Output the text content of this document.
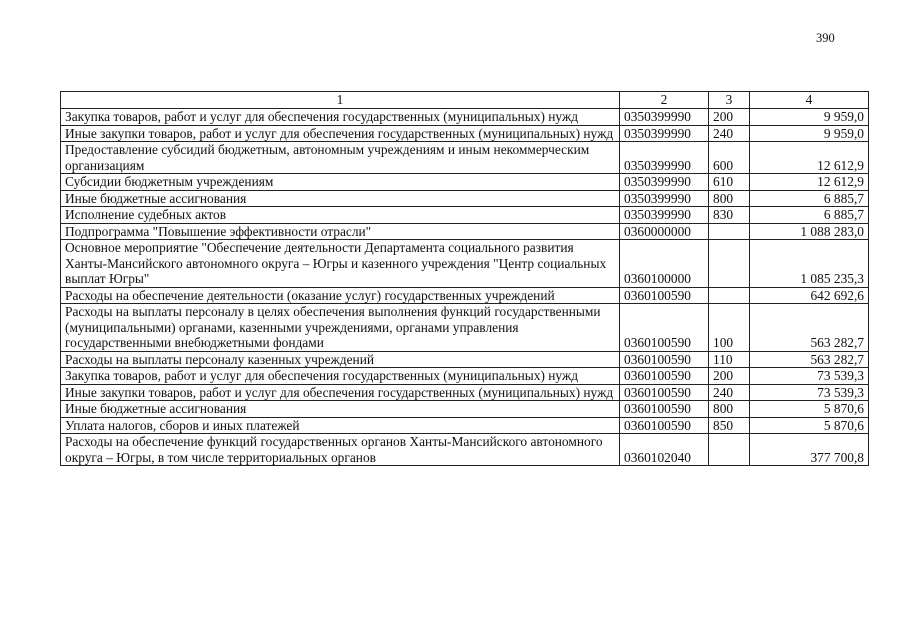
390
1	2	3	4
Закупка товаров, работ и услуг для обеспечения государственных (муниципальных) нужд	0350399990	200	9 959,0
Иные закупки товаров, работ и услуг для обеспечения государственных (муниципальных) нужд	0350399990	240	9 959,0
Предоставление субсидий бюджетным, автономным учреждениям и иным некоммерческим организациям	0350399990	600	12 612,9
Субсидии бюджетным учреждениям	0350399990	610	12 612,9
Иные бюджетные ассигнования	0350399990	800	6 885,7
Исполнение судебных актов	0350399990	830	6 885,7
Подпрограмма "Повышение эффективности отрасли"	0360000000		1 088 283,0
Основное мероприятие "Обеспечение деятельности Департамента социального развития Ханты-Мансийского автономного округа – Югры и казенного учреждения "Центр социальных выплат Югры"	0360100000		1 085 235,3
Расходы на обеспечение деятельности (оказание услуг) государственных учреждений	0360100590		642 692,6
Расходы на выплаты персоналу в целях обеспечения выполнения функций государственными (муниципальными) органами, казенными учреждениями, органами управления государственными внебюджетными фондами	0360100590	100	563 282,7
Расходы на выплаты персоналу казенных учреждений	0360100590	110	563 282,7
Закупка товаров, работ и услуг для обеспечения государственных (муниципальных) нужд	0360100590	200	73 539,3
Иные закупки товаров, работ и услуг для обеспечения государственных (муниципальных) нужд	0360100590	240	73 539,3
Иные бюджетные ассигнования	0360100590	800	5 870,6
Уплата налогов, сборов и иных платежей	0360100590	850	5 870,6
Расходы на обеспечение функций государственных органов Ханты-Мансийского автономного округа – Югры, в том числе территориальных органов	0360102040		377 700,8
